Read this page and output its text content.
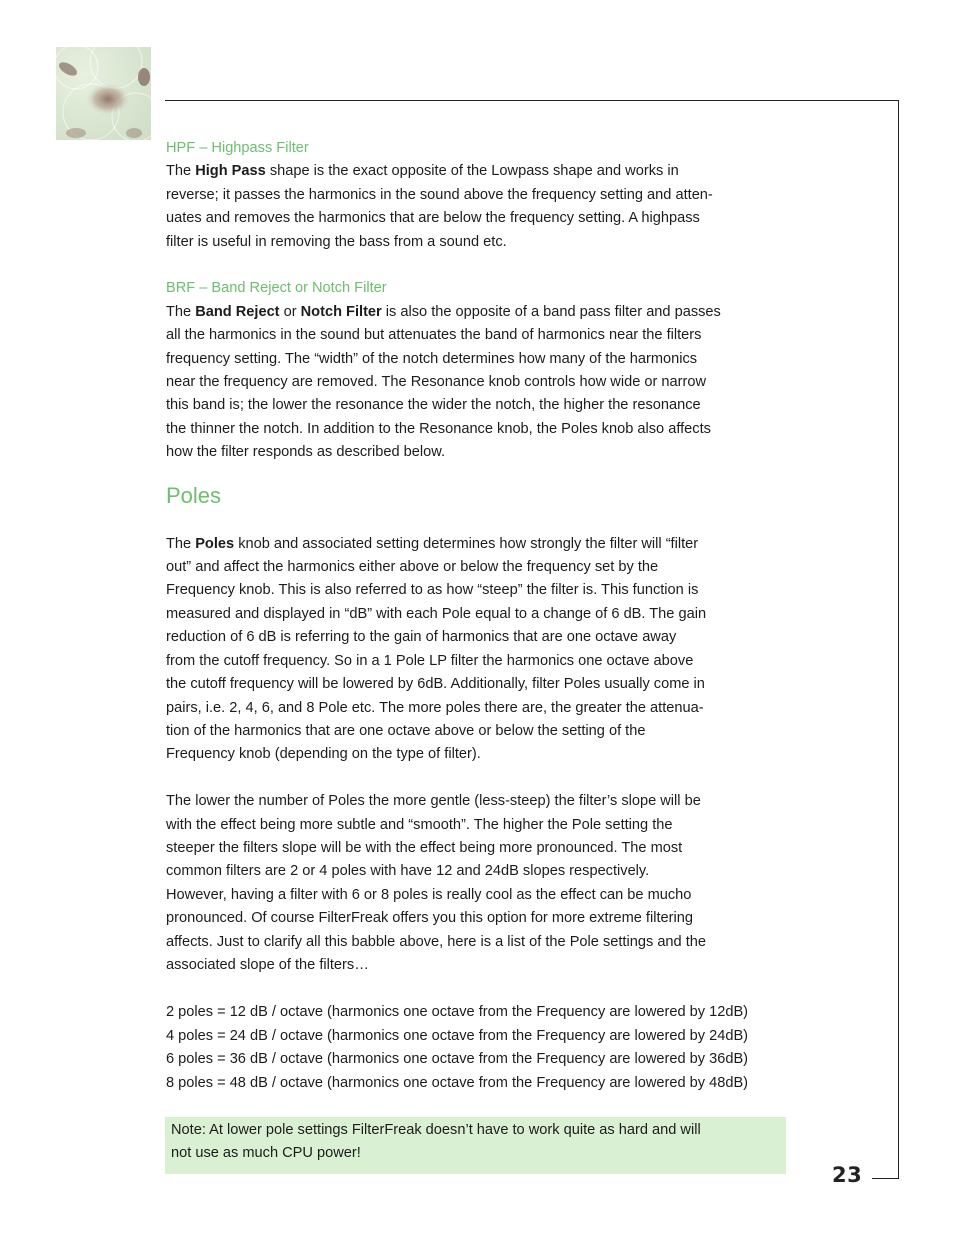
HPF – Highpass Filter

The High Pass shape is the exact opposite of the Lowpass shape and works in
reverse; it passes the harmonics in the sound above the frequency setting and atten-
uates and removes the harmonics that are below the frequency setting. A highpass
filter is useful in removing the bass from a sound etc.

BRF – Band Reject or Notch Filter

The Band Reject or Notch Filter is also the opposite of a band pass filter and passes
all the harmonics in the sound but attenuates the band of harmonics near the filters
frequency setting. The “width” of the notch determines how many of the harmonics
near the frequency are removed. The Resonance knob controls how wide or narrow
this band is; the lower the resonance the wider the notch, the higher the resonance
the thinner the notch. In addition to the Resonance knob, the Poles knob also affects
how the filter responds as described below.

Poles

The Poles knob and associated setting determines how strongly the filter will “filter
out” and affect the harmonics either above or below the frequency set by the
Frequency knob. This is also referred to as how “steep” the filter is. This function is
measured and displayed in “dB” with each Pole equal to a change of 6 dB. The gain
reduction of 6 dB is referring to the gain of harmonics that are one octave away
from the cutoff frequency. So in a 1 Pole LP filter the harmonics one octave above
the cutoff frequency will be lowered by 6dB. Additionally, filter Poles usually come in
pairs, i.e. 2, 4, 6, and 8 Pole etc. The more poles there are, the greater the attenua-
tion of the harmonics that are one octave above or below the setting of the
Frequency knob (depending on the type of filter).

The lower the number of Poles the more gentle (less-steep) the filter’s slope will be
with the effect being more subtle and “smooth”. The higher the Pole setting the
steeper the filters slope will be with the effect being more pronounced. The most
common filters are 2 or 4 poles with have 12 and 24dB slopes respectively.
However, having a filter with 6 or 8 poles is really cool as the effect can be mucho
pronounced. Of course FilterFreak offers you this option for more extreme filtering
affects. Just to clarify all this babble above, here is a list of the Pole settings and the
associated slope of the filters…

2 poles = 12 dB / octave (harmonics one octave from the Frequency are lowered by 12dB)

4 poles = 24 dB / octave (harmonics one octave from the Frequency are lowered by 24dB)

6 poles = 36 dB / octave (harmonics one octave from the Frequency are lowered by 36dB)

8 poles = 48 dB / octave (harmonics one octave from the Frequency are lowered by 48dB)

Note: At lower pole settings FilterFreak doesn’t have to work quite as hard and will
not use as much CPU power!
23
